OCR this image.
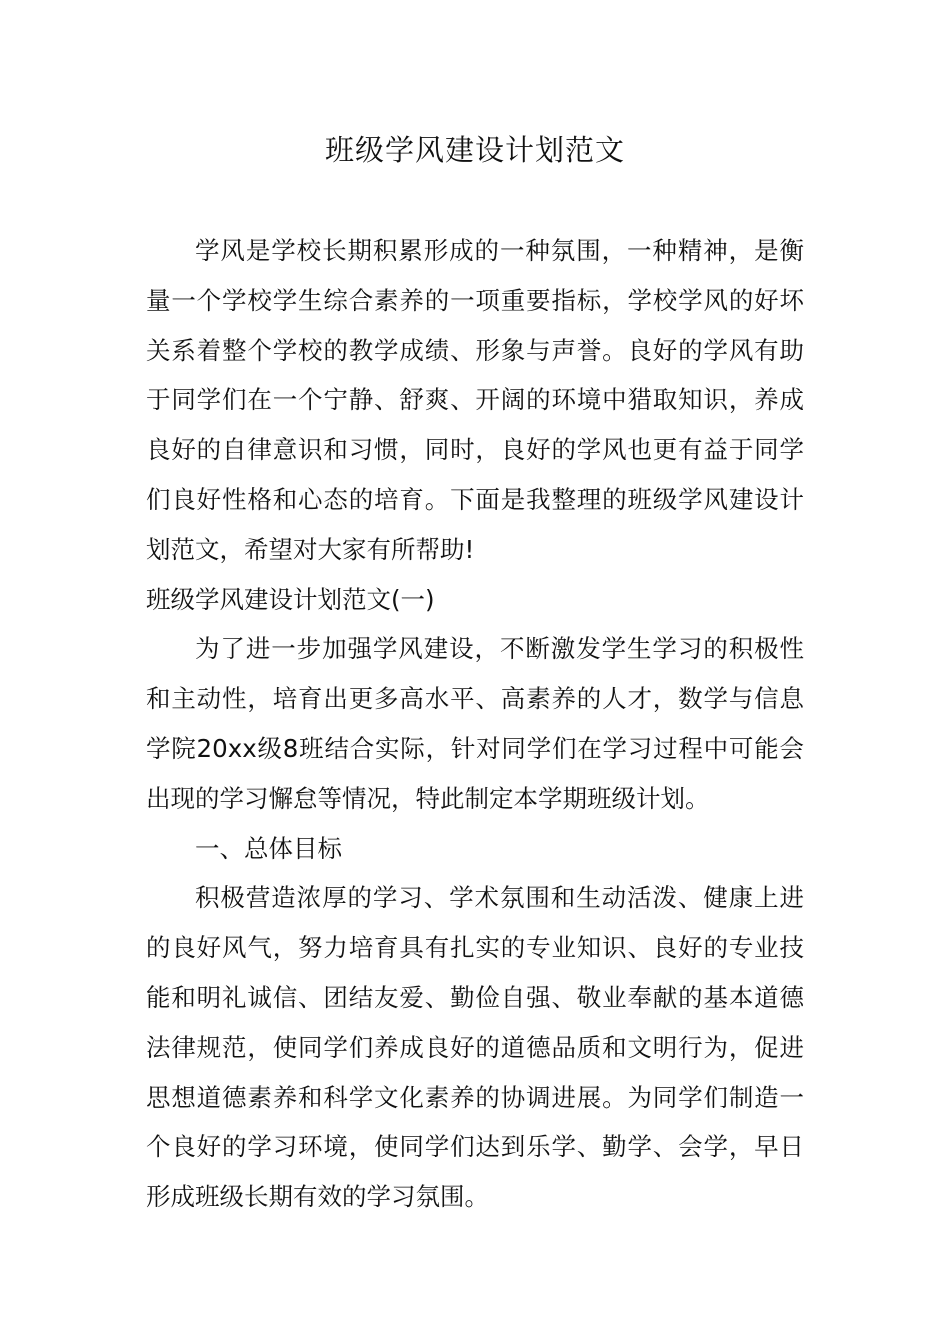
班级学风建设计划范文

学风是学校长期积累形成的一种氛围，一种精神，是衡量一个学校学生综合素养的一项重要指标，学校学风的好坏关系着整个学校的教学成绩、形象与声誉。良好的学风有助于同学们在一个宁静、舒爽、开阔的环境中猎取知识，养成良好的自律意识和习惯，同时，良好的学风也更有益于同学们良好性格和心态的培育。下面是我整理的班级学风建设计划范文，希望对大家有所帮助!

班级学风建设计划范文(一)

为了进一步加强学风建设，不断激发学生学习的积极性和主动性，培育出更多高水平、高素养的人才，数学与信息学院20xx级8班结合实际，针对同学们在学习过程中可能会出现的学习懈怠等情况，特此制定本学期班级计划。

一、总体目标

积极营造浓厚的学习、学术氛围和生动活泼、健康上进的良好风气，努力培育具有扎实的专业知识、良好的专业技能和明礼诚信、团结友爱、勤俭自强、敬业奉献的基本道德法律规范，使同学们养成良好的道德品质和文明行为，促进思想道德素养和科学文化素养的协调进展。为同学们制造一个良好的学习环境，使同学们达到乐学、勤学、会学，早日形成班级长期有效的学习氛围。
